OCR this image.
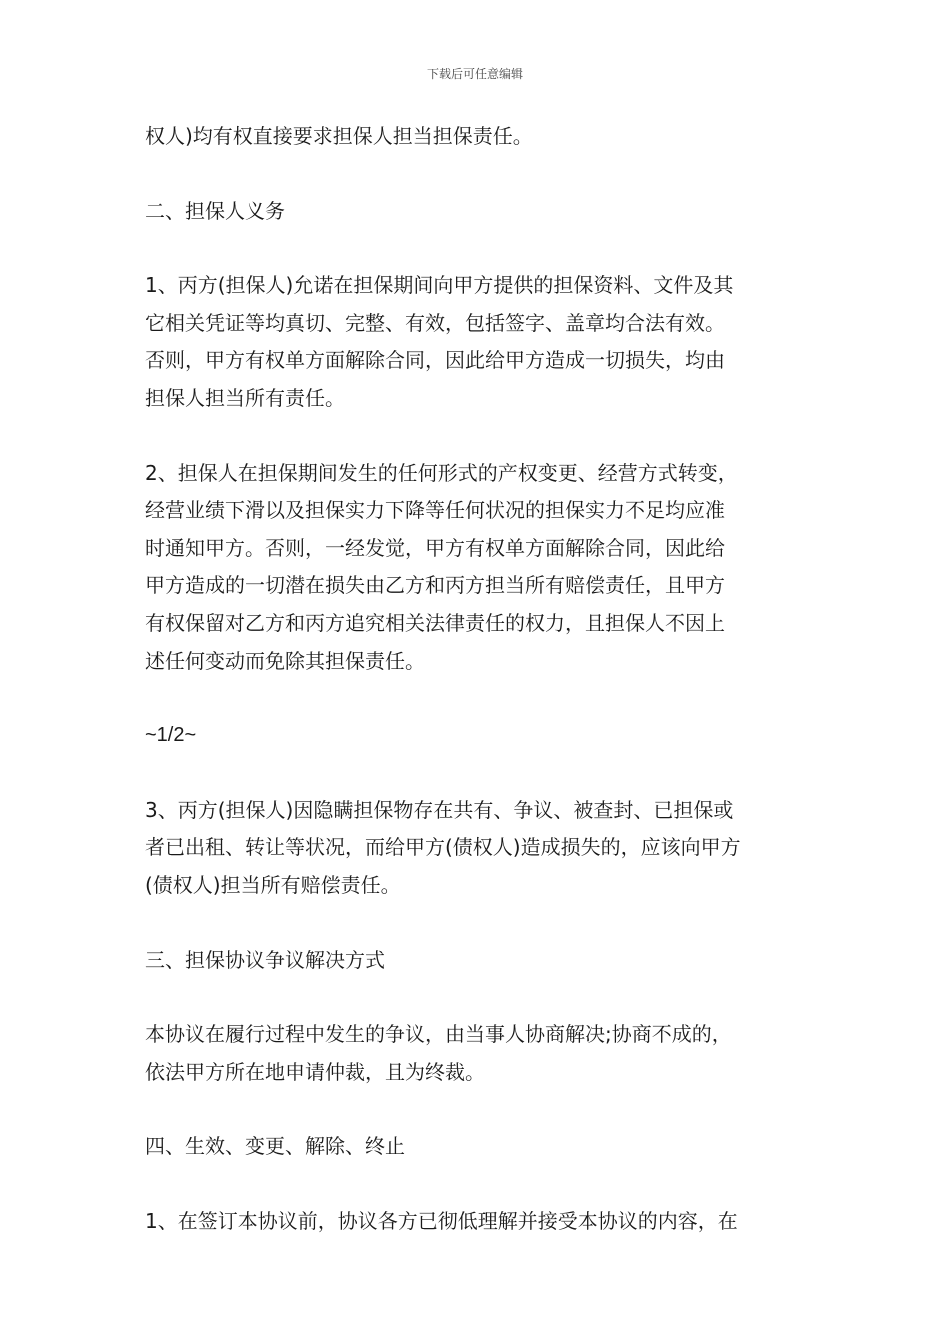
下载后可任意编辑

权人)均有权直接要求担保人担当担保责任。

二、担保人义务

1、丙方(担保人)允诺在担保期间向甲方提供的担保资料、文件及其
它相关凭证等均真切、完整、有效，包括签字、盖章均合法有效。
否则，甲方有权单方面解除合同，因此给甲方造成一切损失，均由
担保人担当所有责任。

2、担保人在担保期间发生的任何形式的产权变更、经营方式转变，
经营业绩下滑以及担保实力下降等任何状况的担保实力不足均应准
时通知甲方。否则，一经发觉，甲方有权单方面解除合同，因此给
甲方造成的一切潜在损失由乙方和丙方担当所有赔偿责任，且甲方
有权保留对乙方和丙方追究相关法律责任的权力，且担保人不因上
述任何变动而免除其担保责任。

~1/2~

3、丙方(担保人)因隐瞒担保物存在共有、争议、被查封、已担保或
者已出租、转让等状况，而给甲方(债权人)造成损失的，应该向甲方
(债权人)担当所有赔偿责任。

三、担保协议争议解决方式

本协议在履行过程中发生的争议，由当事人协商解决;协商不成的，
依法甲方所在地申请仲裁，且为终裁。

四、生效、变更、解除、终止

1、在签订本协议前，协议各方已彻低理解并接受本协议的内容，在
